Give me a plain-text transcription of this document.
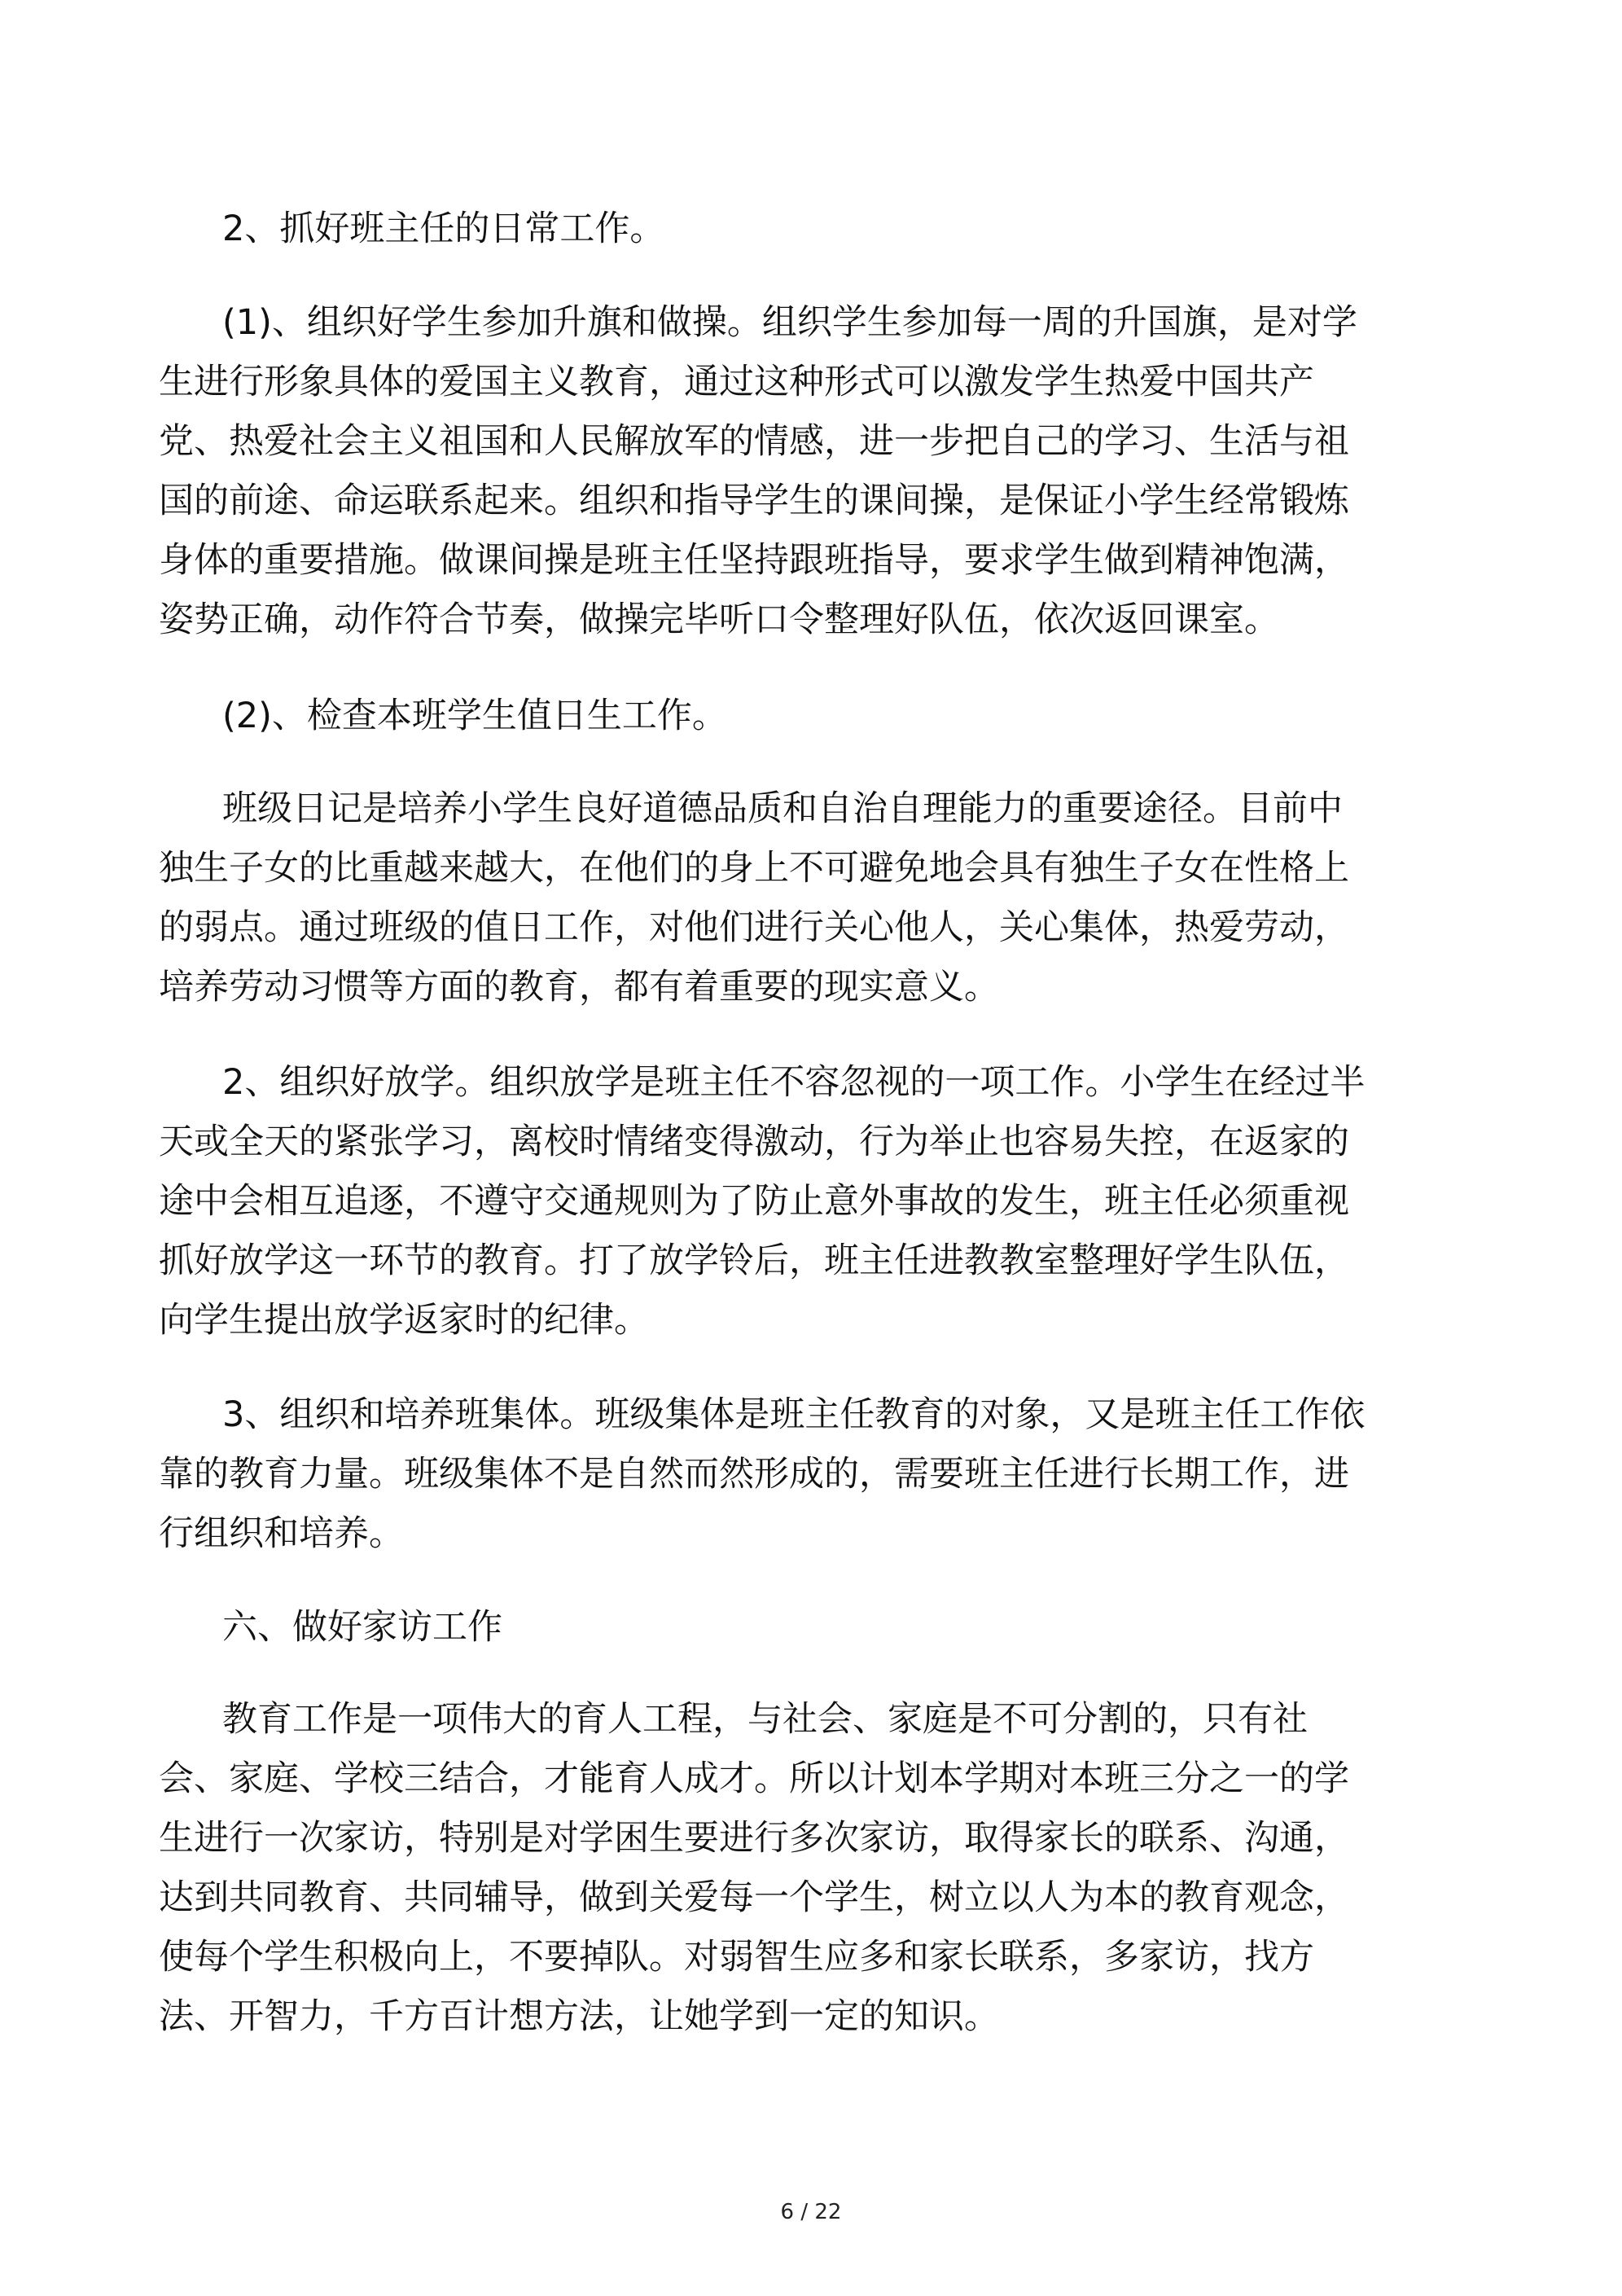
2、抓好班主任的日常工作。
(1)、组织好学生参加升旗和做操。组织学生参加每一周的升国旗，是对学
生进行形象具体的爱国主义教育，通过这种形式可以激发学生热爱中国共产
党、热爱社会主义祖国和人民解放军的情感，进一步把自己的学习、生活与祖
国的前途、命运联系起来。组织和指导学生的课间操，是保证小学生经常锻炼
身体的重要措施。做课间操是班主任坚持跟班指导，要求学生做到精神饱满，
姿势正确，动作符合节奏，做操完毕听口令整理好队伍，依次返回课室。
(2)、检查本班学生值日生工作。
班级日记是培养小学生良好道德品质和自治自理能力的重要途径。目前中
独生子女的比重越来越大，在他们的身上不可避免地会具有独生子女在性格上
的弱点。通过班级的值日工作，对他们进行关心他人，关心集体，热爱劳动，
培养劳动习惯等方面的教育，都有着重要的现实意义。
2、组织好放学。组织放学是班主任不容忽视的一项工作。小学生在经过半
天或全天的紧张学习，离校时情绪变得激动，行为举止也容易失控，在返家的
途中会相互追逐，不遵守交通规则为了防止意外事故的发生，班主任必须重视
抓好放学这一环节的教育。打了放学铃后，班主任进教教室整理好学生队伍，
向学生提出放学返家时的纪律。
3、组织和培养班集体。班级集体是班主任教育的对象，又是班主任工作依
靠的教育力量。班级集体不是自然而然形成的，需要班主任进行长期工作，进
行组织和培养。
六、做好家访工作
教育工作是一项伟大的育人工程，与社会、家庭是不可分割的，只有社
会、家庭、学校三结合，才能育人成才。所以计划本学期对本班三分之一的学
生进行一次家访，特别是对学困生要进行多次家访，取得家长的联系、沟通，
达到共同教育、共同辅导，做到关爱每一个学生，树立以人为本的教育观念，
使每个学生积极向上，不要掉队。对弱智生应多和家长联系，多家访，找方
法、开智力，千方百计想方法，让她学到一定的知识。
6 / 22
